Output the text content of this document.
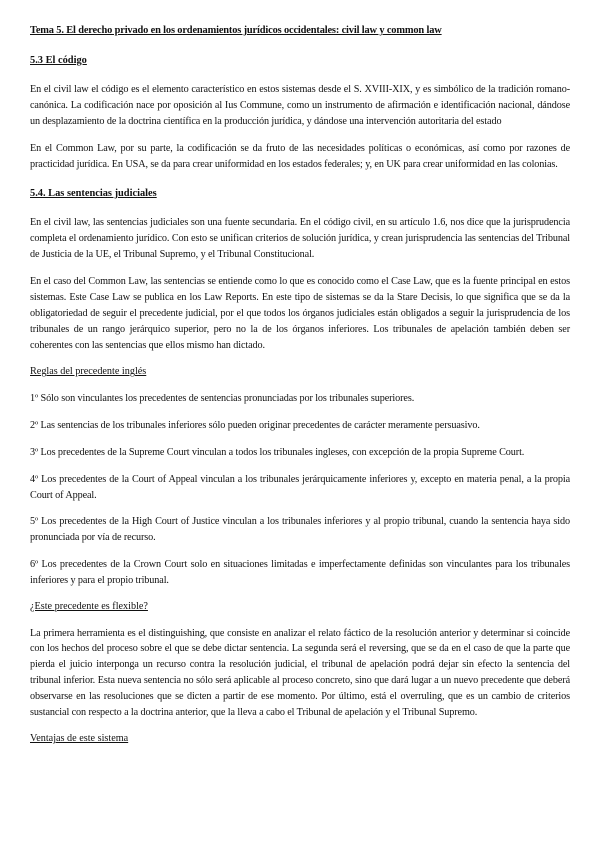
Tema 5. El derecho privado en los ordenamientos jurídicos occidentales: civil law y common law
5.3 El código

En el civil law el código es el elemento característico en estos sistemas desde el S. XVIII-XIX, y es simbólico de la tradición romano-canónica. La codificación nace por oposición al Ius Commune, como un instrumento de afirmación e identificación nacional, dándose un desplazamiento de la doctrina científica en la producción jurídica, y dándose una intervención autoritaria del estado

En el Common Law, por su parte, la codificación se da fruto de las necesidades políticas o económicas, así como por razones de practicidad jurídica. En USA, se da para crear uniformidad en los estados federales; y, en UK para crear uniformidad en las colonias.

5.4. Las sentencias judiciales

En el civil law, las sentencias judiciales son una fuente secundaria. En el código civil, en su artículo 1.6, nos dice que la jurisprudencia completa el ordenamiento jurídico. Con esto se unifican criterios de solución jurídica, y crean jurisprudencia las sentencias del Tribunal de Justicia de la UE, el Tribunal Supremo, y el Tribunal Constitucional.

En el caso del Common Law, las sentencias se entiende como lo que es conocido como el Case Law, que es la fuente principal en estos sistemas. Este Case Law se publica en los Law Reports. En este tipo de sistemas se da la Stare Decisis, lo que significa que se da la obligatoriedad de seguir el precedente judicial, por el que todos los órganos judiciales están obligados a seguir la jurisprudencia de los tribunales de un rango jerárquico superior, pero no la de los órganos inferiores. Los tribunales de apelación también deben ser coherentes con las sentencias que ellos mismo han dictado.

Reglas del precedente inglés

1º Sólo son vinculantes los precedentes de sentencias pronunciadas por los tribunales superiores.

2º Las sentencias de los tribunales inferiores sólo pueden originar precedentes de carácter meramente persuasivo.

3º Los precedentes de la Supreme Court vinculan a todos los tribunales ingleses, con excepción de la propia Supreme Court.

4º Los precedentes de la Court of Appeal vinculan a los tribunales jerárquicamente inferiores y, excepto en materia penal, a la propia Court of Appeal.

5º Los precedentes de la High Court of Justice vinculan a los tribunales inferiores y al propio tribunal, cuando la sentencia haya sido pronunciada por vía de recurso.

6º Los precedentes de la Crown Court solo en situaciones limitadas e imperfectamente definidas son vinculantes para los tribunales inferiores y para el propio tribunal.

¿Este precedente es flexible?

La primera herramienta es el distinguishing, que consiste en analizar el relato fáctico de la resolución anterior y determinar si coincide con los hechos del proceso sobre el que se debe dictar sentencia. La segunda será el reversing, que se da en el caso de que la parte que pierda el juicio interponga un recurso contra la resolución judicial, el tribunal de apelación podrá dejar sin efecto la sentencia del tribunal inferior. Esta nueva sentencia no sólo será aplicable al proceso concreto, sino que dará lugar a un nuevo precedente que deberá observarse en las resoluciones que se dicten a partir de ese momento. Por último, está el overruling, que es un cambio de criterios sustancial con respecto a la doctrina anterior, que la lleva a cabo el Tribunal de apelación y el Tribunal Supremo.

Ventajas de este sistema
